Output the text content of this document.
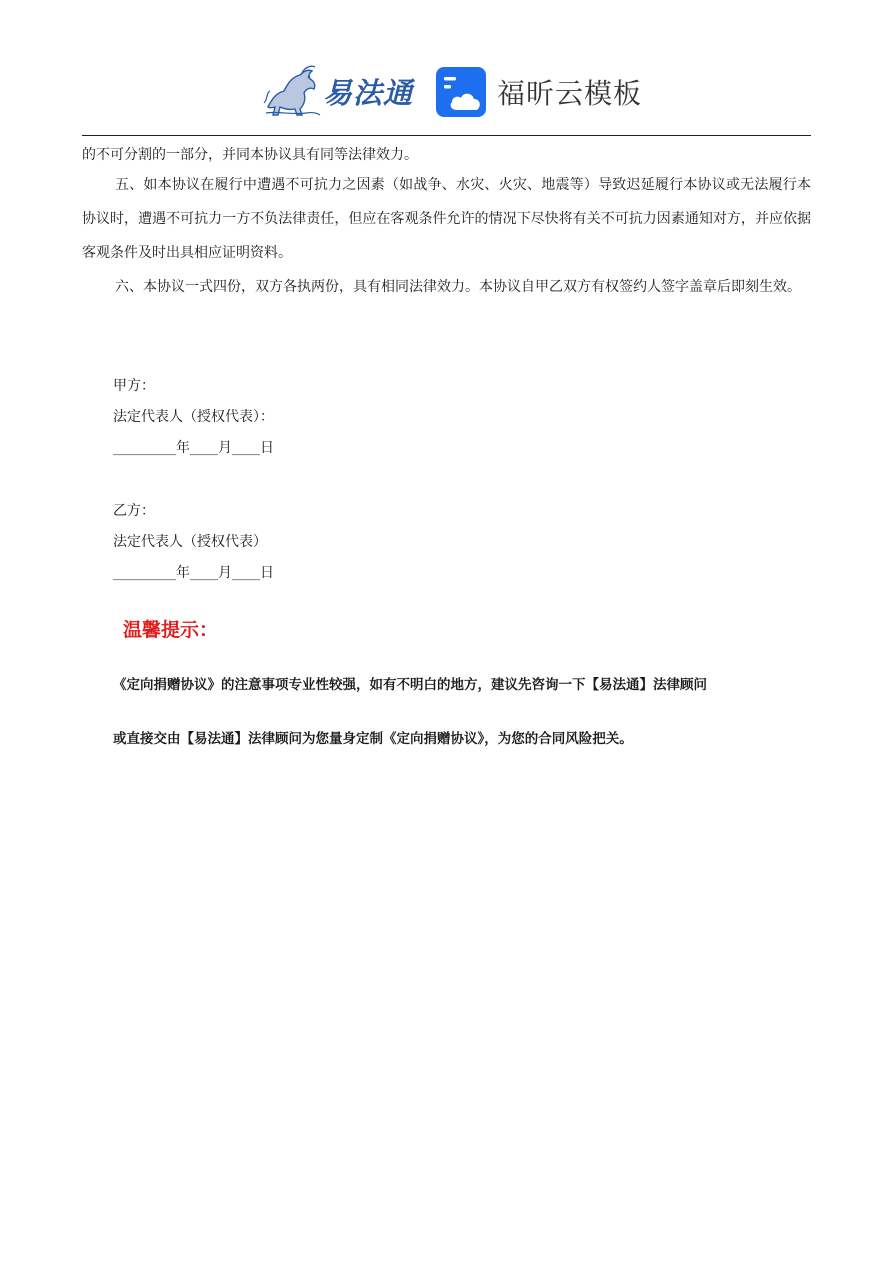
易法通	福昕云模板

的不可分割的一部分，并同本协议具有同等法律效力。

五、如本协议在履行中遭遇不可抗力之因素（如战争、水灾、火灾、地震等）导致迟延履行本协议或无法履行本协议时，遭遇不可抗力一方不负法律责任，但应在客观条件允许的情况下尽快将有关不可抗力因素通知对方，并应依据客观条件及时出具相应证明资料。

六、本协议一式四份，双方各执两份，具有相同法律效力。本协议自甲乙双方有权签约人签字盖章后即刻生效。

甲方：
法定代表人（授权代表）：
_________年____月____日
乙方：
法定代表人（授权代表）
_________年____月____日
温馨提示：
《定向捐赠协议》的注意事项专业性较强，如有不明白的地方，建议先咨询一下【易法通】法律顾问
或直接交由【易法通】法律顾问为您量身定制《定向捐赠协议》，为您的合同风险把关。
